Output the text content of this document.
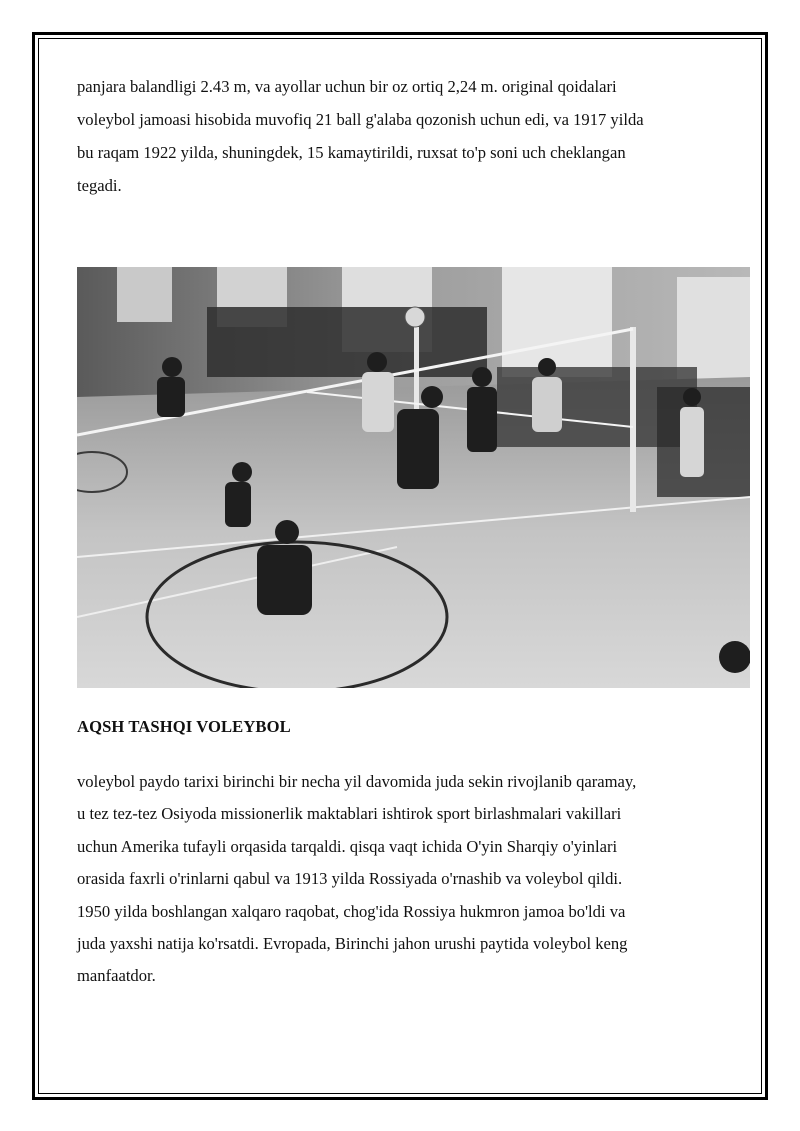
panjara balandligi 2.43 m, va ayollar uchun bir oz ortiq 2,24 m. original qoidalari
voleybol jamoasi hisobida muvofiq 21 ball g'alaba qozonish uchun edi, va 1917 yilda
bu raqam 1922 yilda, shuningdek, 15 kamaytirildi, ruxsat to'p soni uch cheklangan
tegadi.

AQSH TASHQI VOLEYBOL

voleybol paydo tarixi birinchi bir necha yil davomida juda sekin rivojlanib qaramay,
u tez tez-tez Osiyoda missionerlik maktablari ishtirok sport birlashmalari vakillari
uchun Amerika tufayli orqasida tarqaldi. qisqa vaqt ichida O'yin Sharqiy o'yinlari
orasida faxrli o'rinlarni qabul va 1913 yilda Rossiyada o'rnashib va voleybol qildi.
1950 yilda boshlangan xalqaro raqobat, chog'ida Rossiya hukmron jamoa bo'ldi va
juda yaxshi natija ko'rsatdi. Evropada, Birinchi jahon urushi paytida voleybol keng
manfaatdor.
